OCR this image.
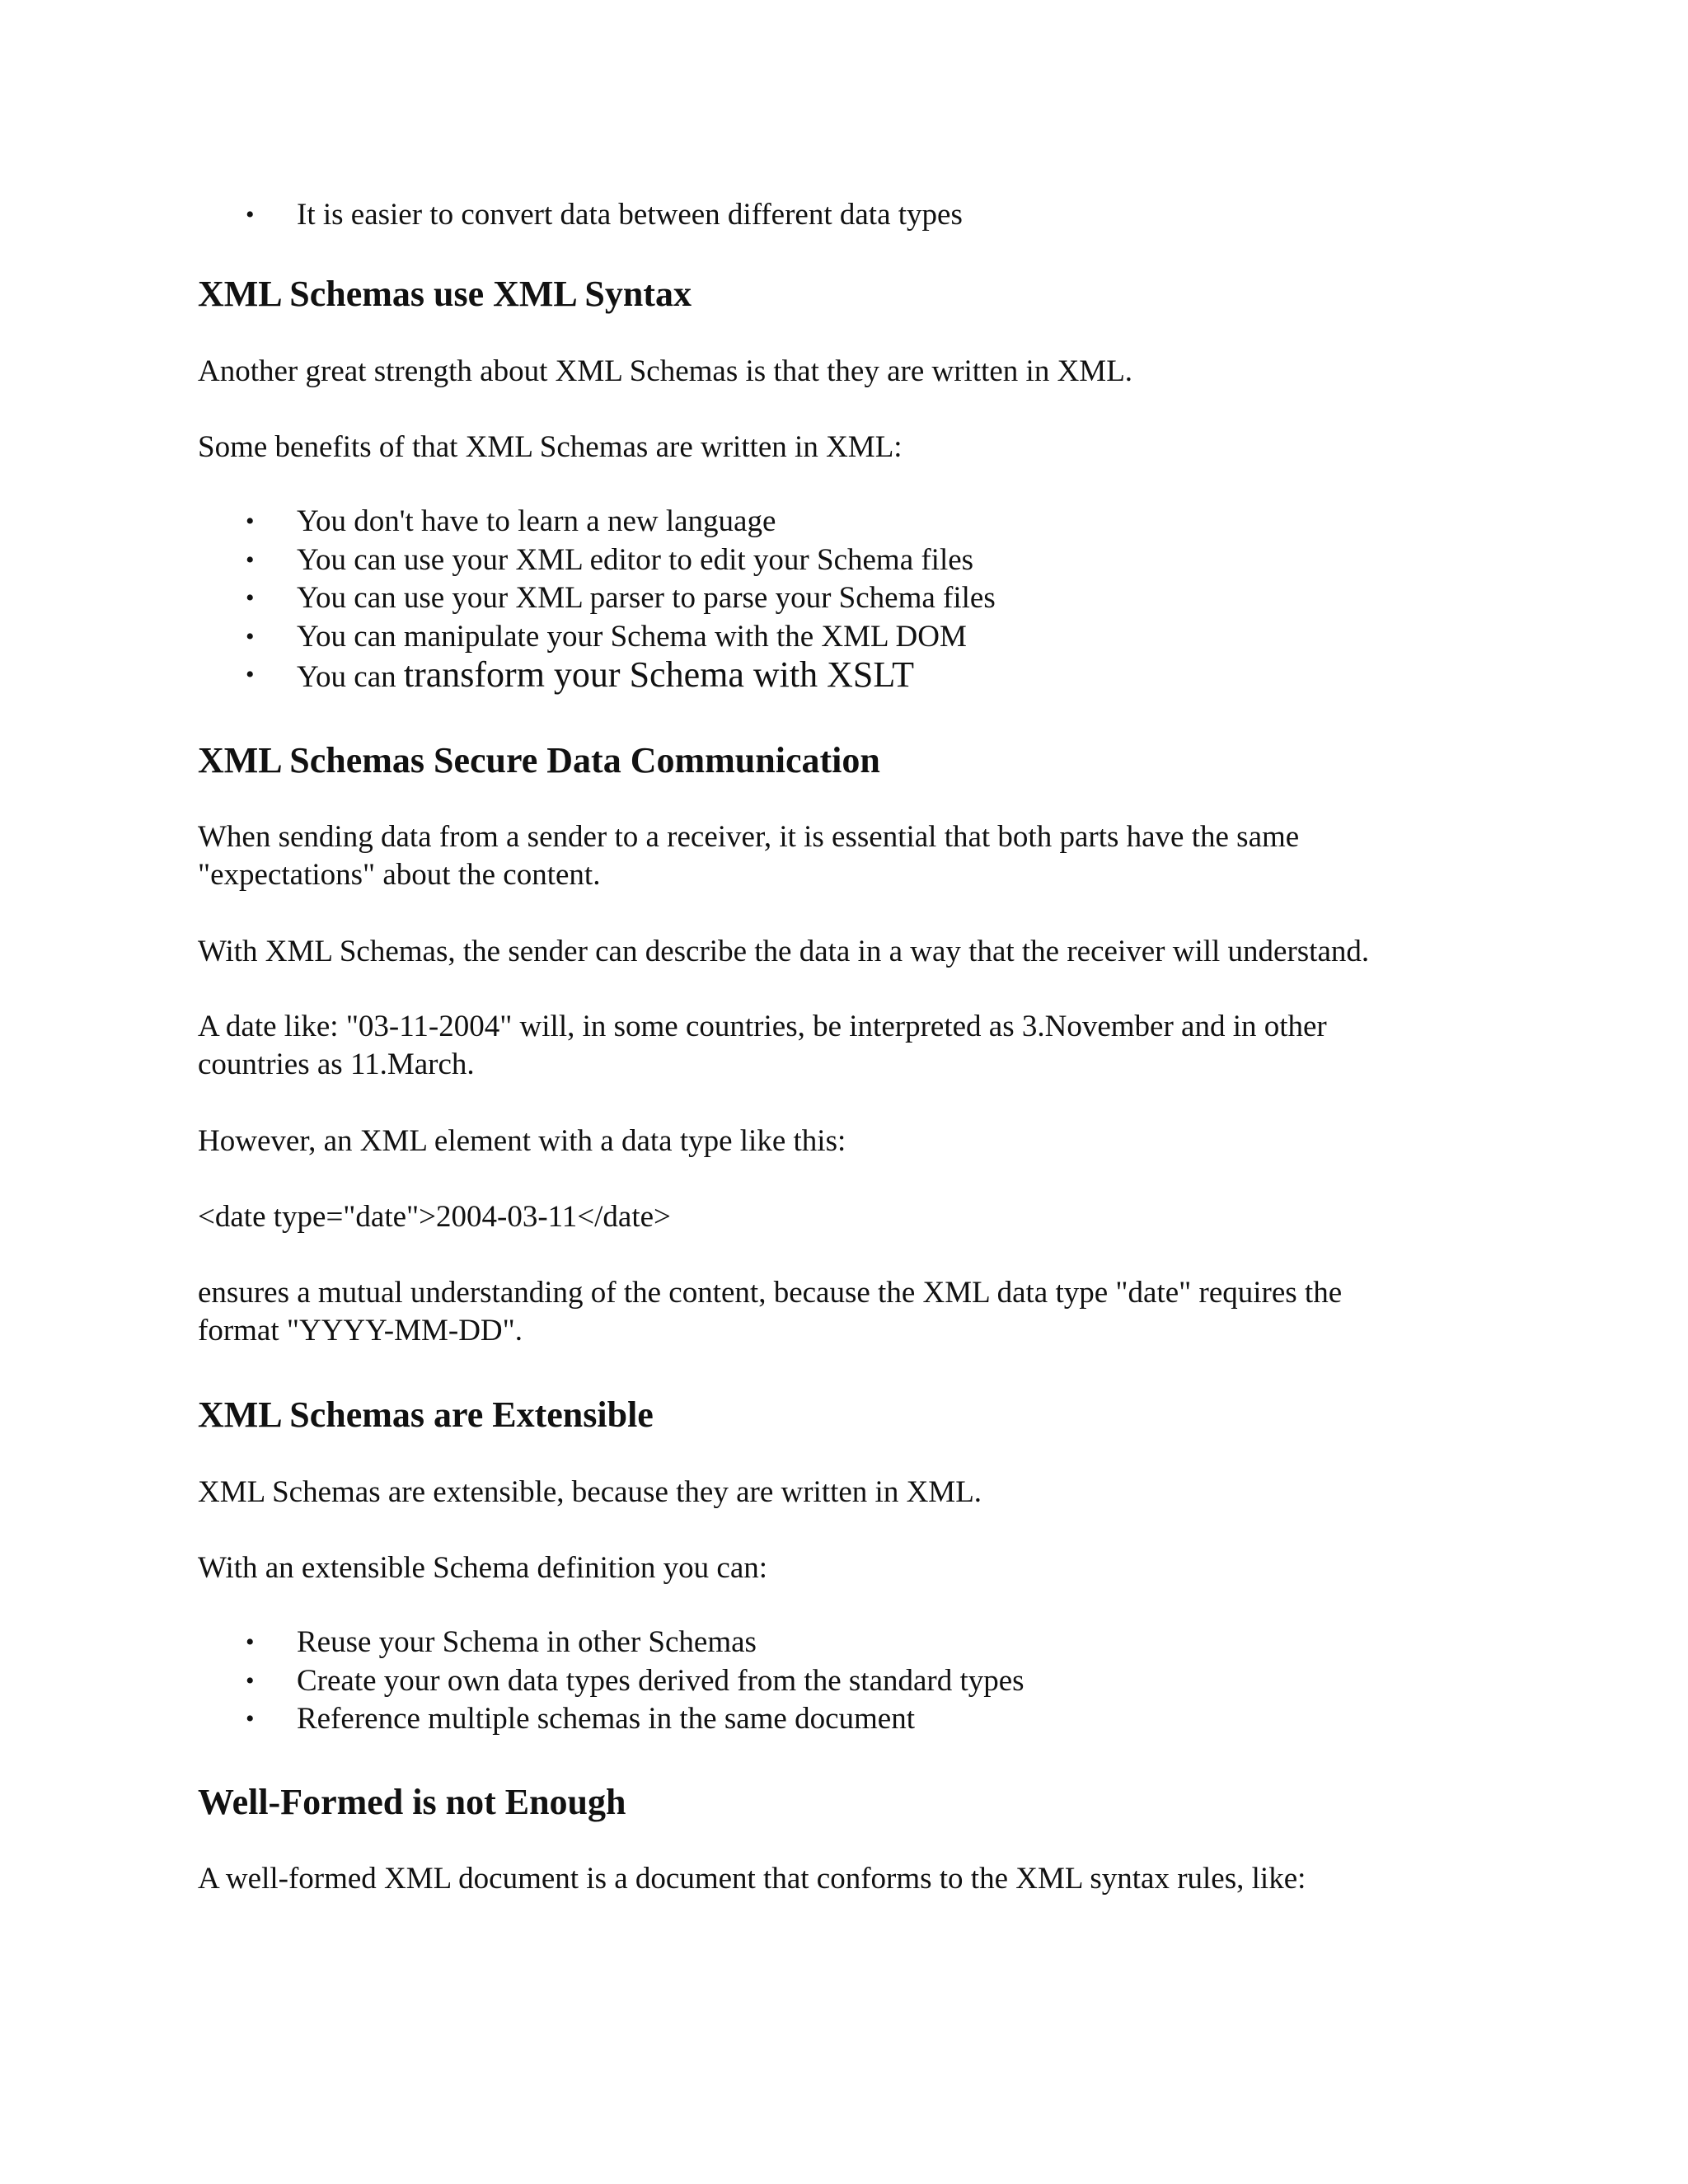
• It is easier to convert data between different data types
XML Schemas use XML Syntax

Another great strength about XML Schemas is that they are written in XML.

Some benefits of that XML Schemas are written in XML:

• You don't have to learn a new language
• You can use your XML editor to edit your Schema files
• You can use your XML parser to parse your Schema files
• You can manipulate your Schema with the XML DOM
• You can transform your Schema with XSLT
XML Schemas Secure Data Communication

When sending data from a sender to a receiver, it is essential that both parts have the same

"expectations" about the content.

With XML Schemas, the sender can describe the data in a way that the receiver will understand.

A date like: "03-11-2004" will, in some countries, be interpreted as 3.November and in other

countries as 11.March.

However, an XML element with a data type like this:

<date type="date">2004-03-11</date>

ensures a mutual understanding of the content, because the XML data type "date" requires the

format "YYYY-MM-DD".

XML Schemas are Extensible

XML Schemas are extensible, because they are written in XML.

With an extensible Schema definition you can:

• Reuse your Schema in other Schemas
• Create your own data types derived from the standard types
• Reference multiple schemas in the same document
Well-Formed is not Enough

A well-formed XML document is a document that conforms to the XML syntax rules, like:
